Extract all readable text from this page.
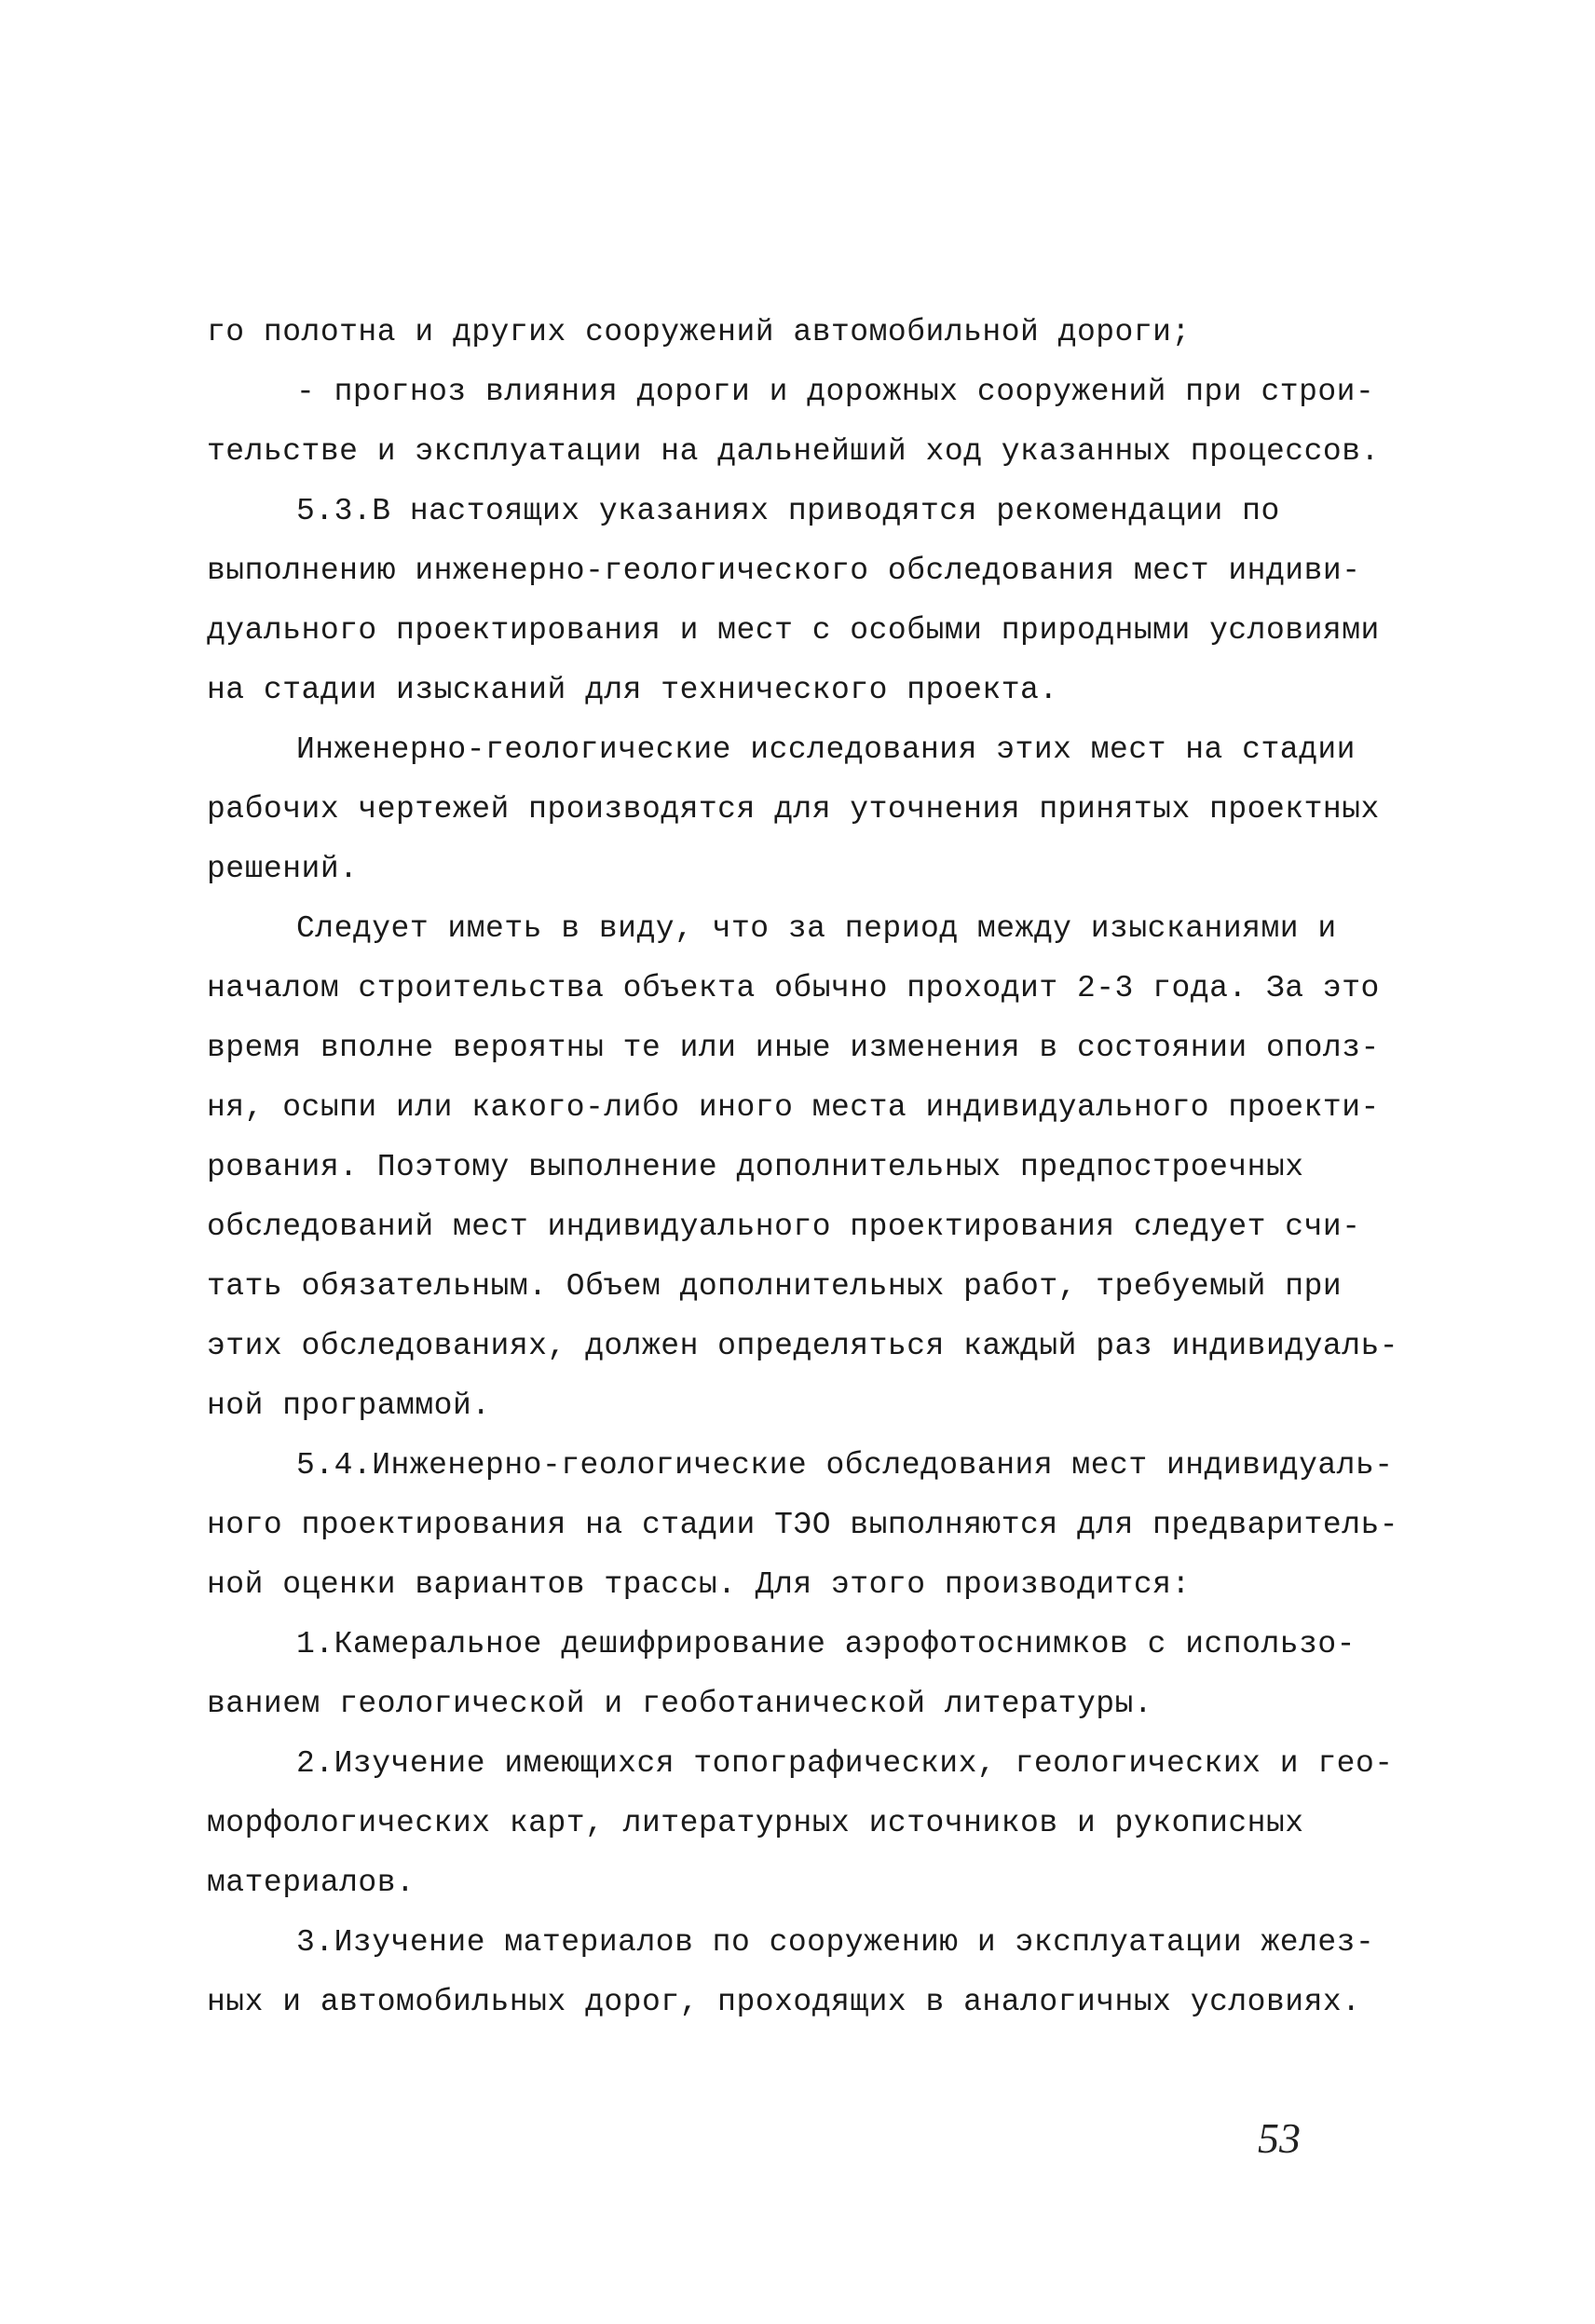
го полотна и других сооружений автомобильной дороги;
- прогноз влияния дороги и дорожных сооружений при строи-
тельстве и эксплуатации на дальнейший ход указанных процессов.
5.3.В настоящих указаниях приводятся рекомендации по
выполнению инженерно-геологического обследования мест индиви-
дуального проектирования и мест с особыми природными условиями
на стадии изысканий для технического проекта.
Инженерно-геологические исследования этих мест на стадии
рабочих чертежей производятся для уточнения принятых проектных
решений.
Следует иметь в виду, что за период между изысканиями и
началом строительства объекта обычно проходит 2-3 года. За это
время вполне вероятны те или иные изменения в состоянии ополз-
ня, осыпи или какого-либо иного места индивидуального проекти-
рования. Поэтому выполнение дополнительных предпостроечных
обследований мест индивидуального проектирования следует счи-
тать обязательным. Объем дополнительных работ, требуемый при
этих обследованиях, должен определяться каждый раз индивидуаль-
ной программой.
5.4.Инженерно-геологические обследования мест индивидуаль-
ного проектирования на стадии ТЭО выполняются для предваритель-
ной оценки вариантов трассы. Для этого производится:
1.Камеральное дешифрирование аэрофотоснимков с использо-
ванием геологической и геоботанической литературы.
2.Изучение имеющихся топографических, геологических и гео-
морфологических карт, литературных источников и рукописных
материалов.
3.Изучение материалов по сооружению и эксплуатации желез-
ных и автомобильных дорог, проходящих в аналогичных условиях.
53
